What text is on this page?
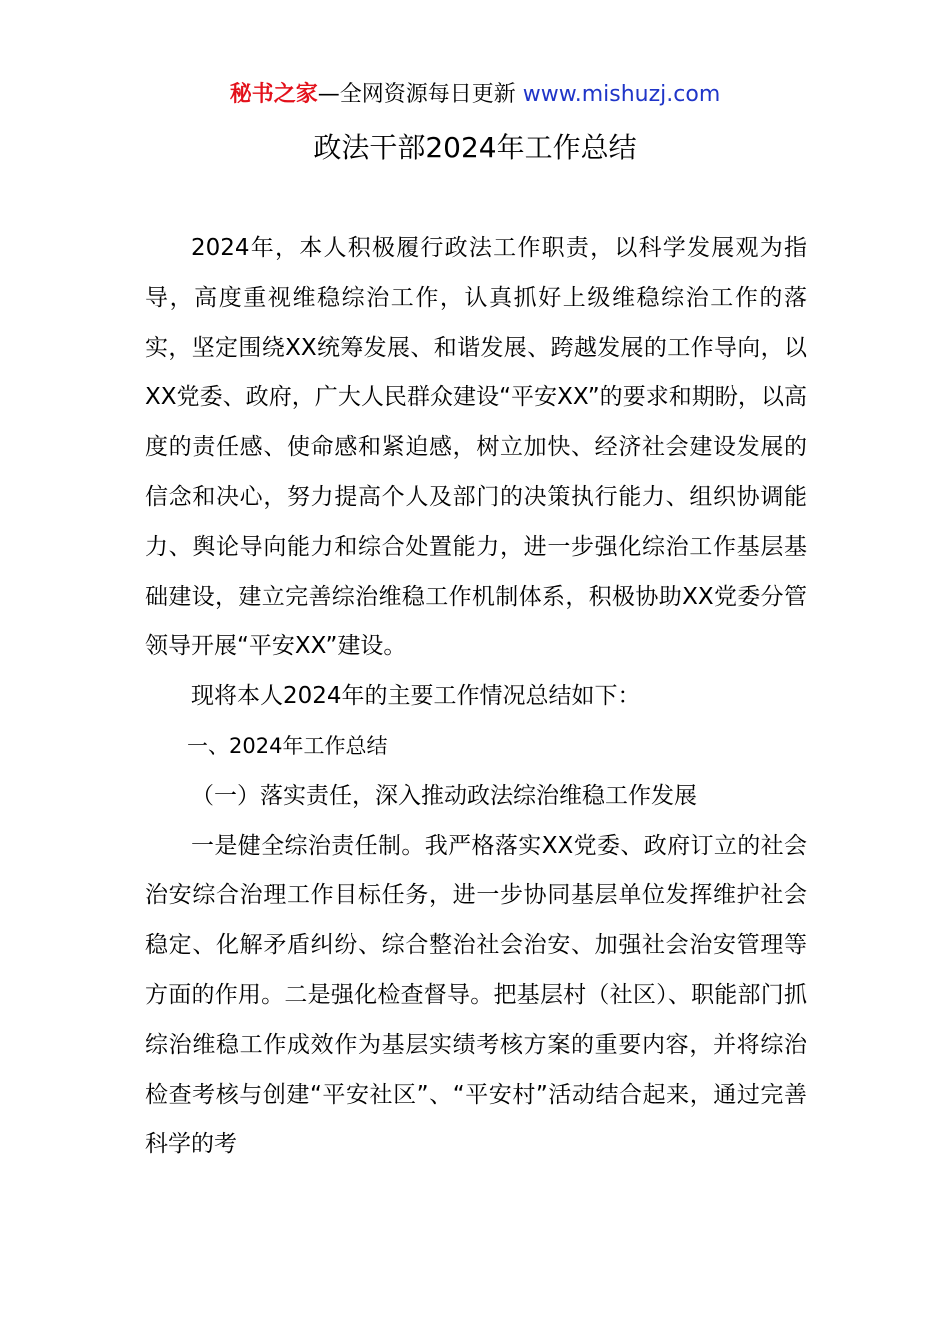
秘书之家—全网资源每日更新 www.mishuzj.com
政法干部2024年工作总结

2024年，本人积极履行政法工作职责，以科学发展观为指导，高度重视维稳综治工作，认真抓好上级维稳综治工作的落实，坚定围绕XX统筹发展、和谐发展、跨越发展的工作导向，以XX党委、政府，广大人民群众建设“平安XX”的要求和期盼，以高度的责任感、使命感和紧迫感，树立加快、经济社会建设发展的信念和决心，努力提高个人及部门的决策执行能力、组织协调能力、舆论导向能力和综合处置能力，进一步强化综治工作基层基础建设，建立完善综治维稳工作机制体系，积极协助XX党委分管领导开展“平安XX”建设。

现将本人2024年的主要工作情况总结如下：

一、2024年工作总结

（一）落实责任，深入推动政法综治维稳工作发展

一是健全综治责任制。我严格落实XX党委、政府订立的社会治安综合治理工作目标任务，进一步协同基层单位发挥维护社会稳定、化解矛盾纠纷、综合整治社会治安、加强社会治安管理等方面的作用。二是强化检查督导。把基层村（社区）、职能部门抓综治维稳工作成效作为基层实绩考核方案的重要内容，并将综治检查考核与创建“平安社区”、“平安村”活动结合起来，通过完善科学的考
